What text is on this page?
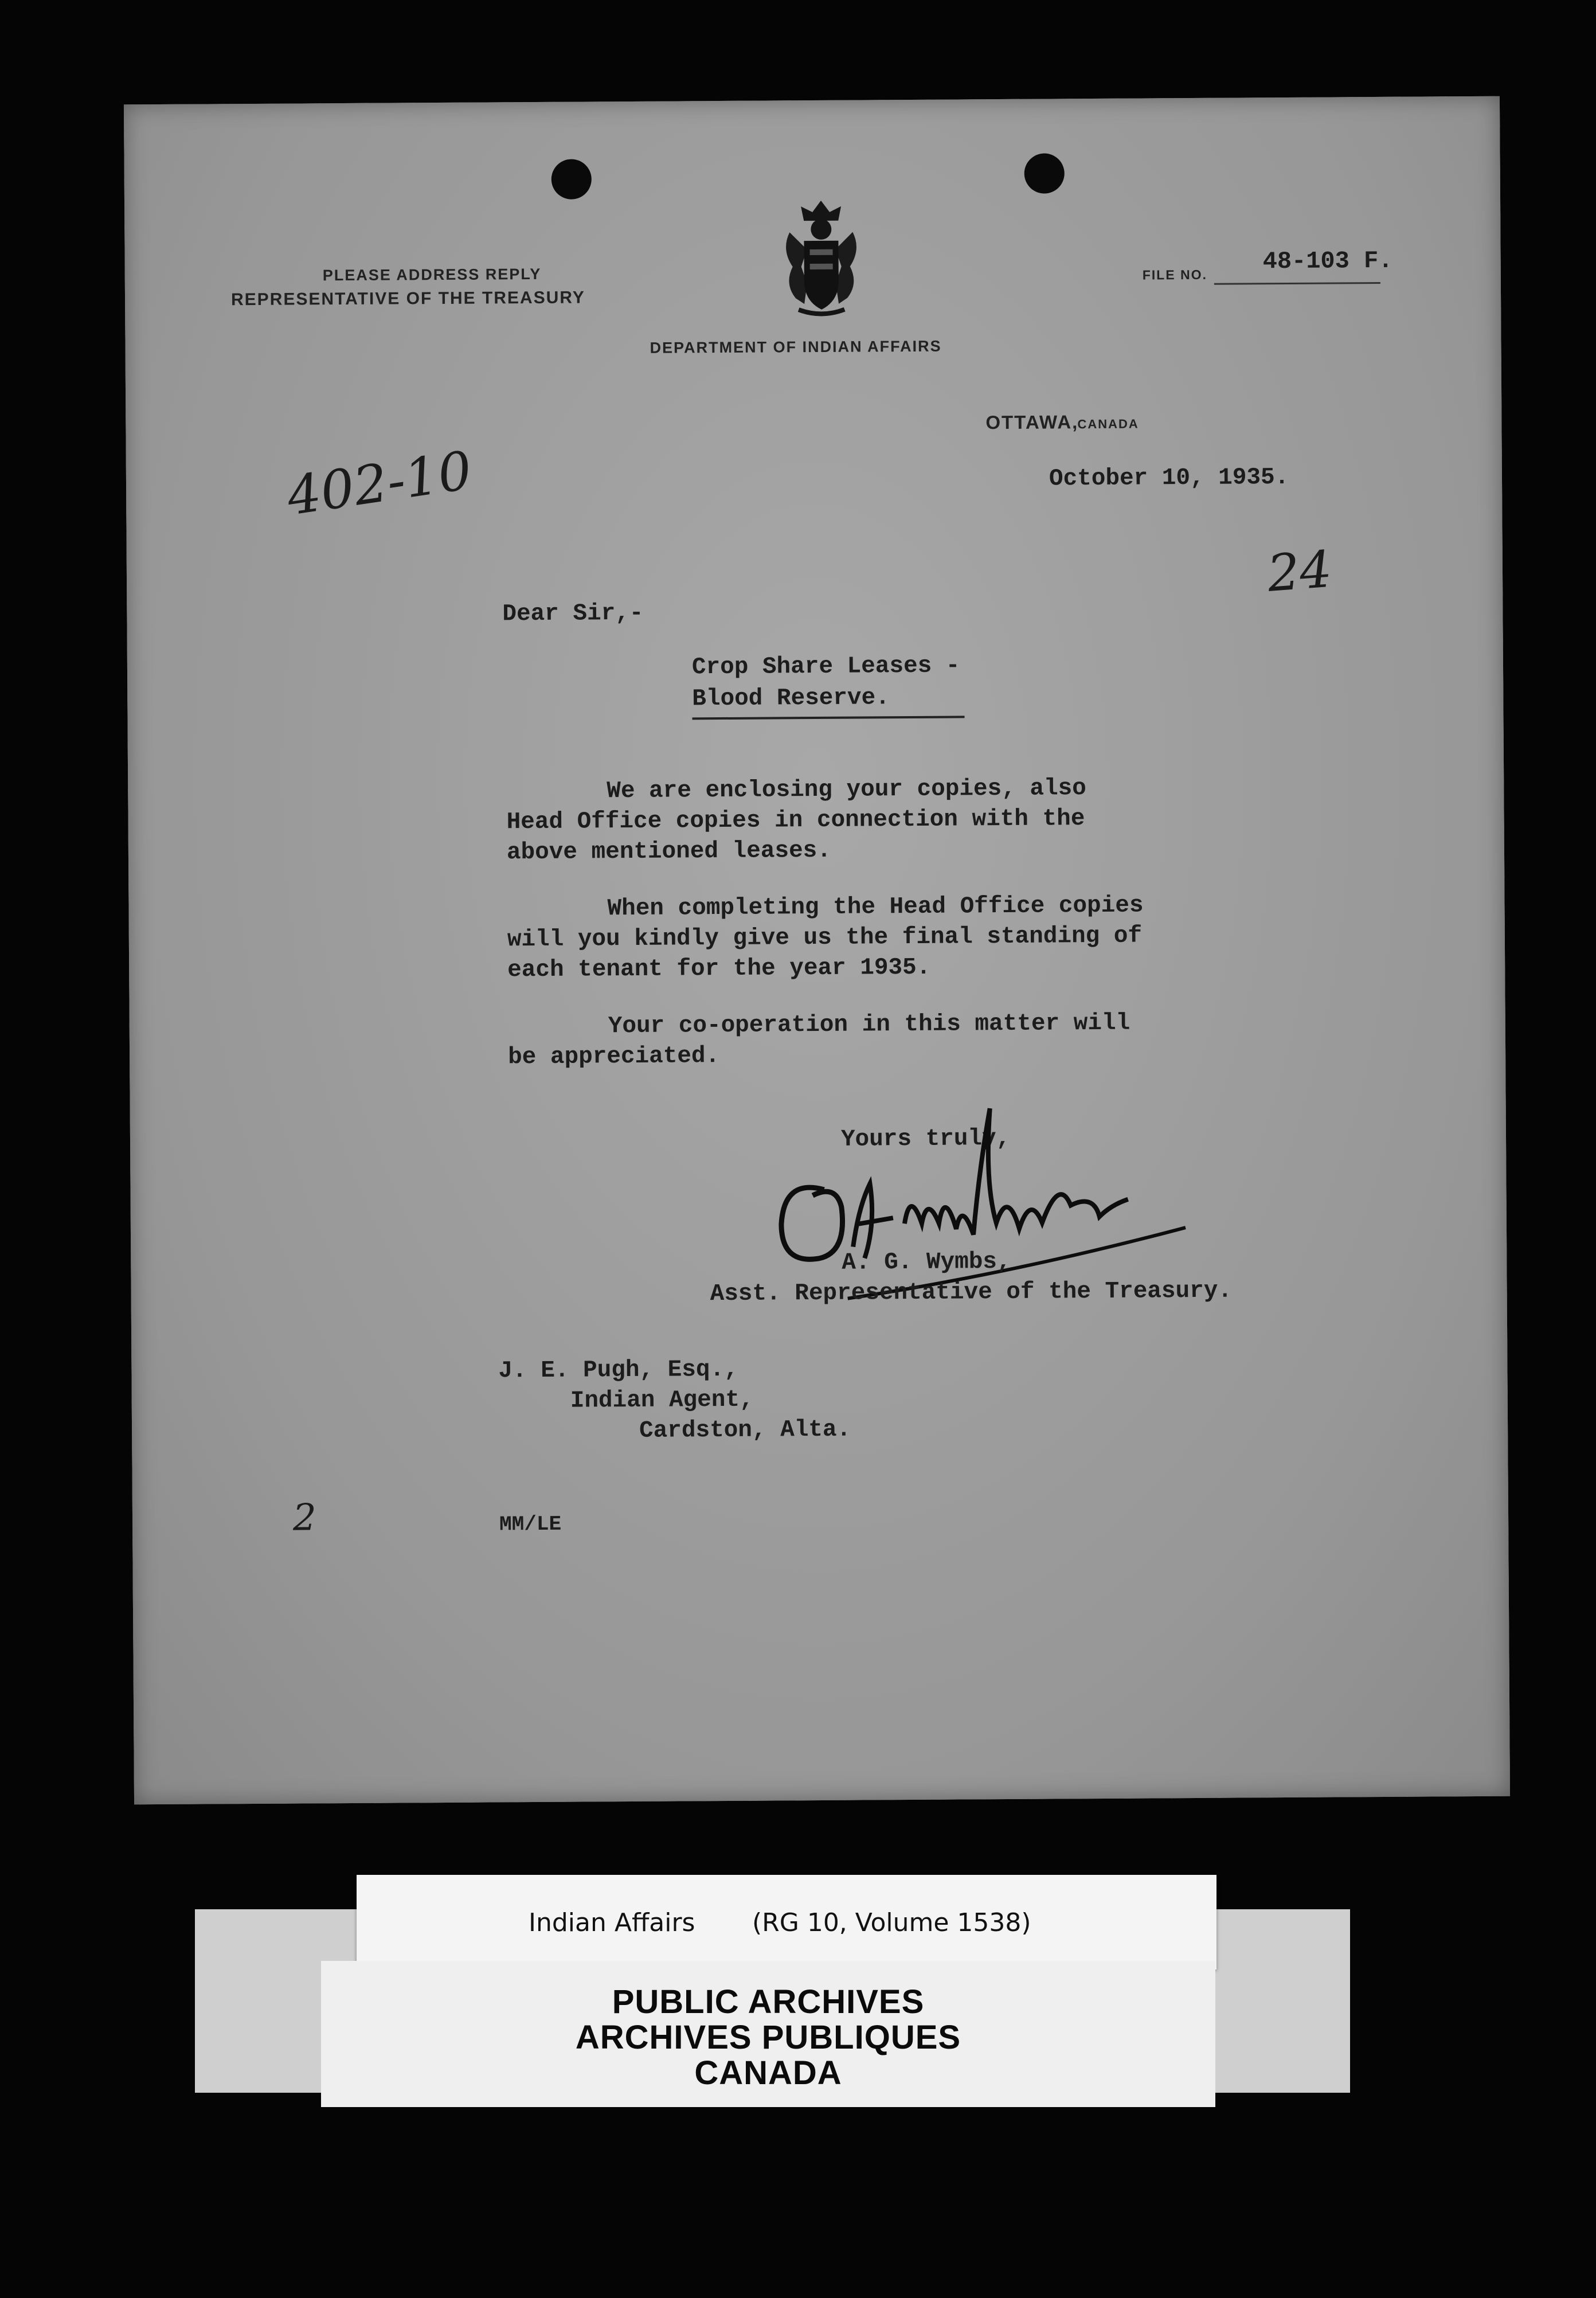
PLEASE ADDRESS REPLY
REPRESENTATIVE OF THE TREASURY
DEPARTMENT OF INDIAN AFFAIRS
FILE NO. 48-103 F.
OTTAWA,
CANADA
402-10
24
2
October 10, 1935.
Dear Sir,-
Crop Share Leases -
Blood Reserve.
We are enclosing your copies, also
Head Office copies in connection with the
above mentioned leases.
When completing the Head Office copies
will you kindly give us the final standing of
each tenant for the year 1935.
Your co-operation in this matter will
be appreciated.
Yours truly,
A. G. Wymbs,
Asst. Representative of the Treasury.
J. E. Pugh, Esq.,
Indian Agent,
Cardston, Alta.
MM/LE
Indian Affairs (RG 10, Volume 1538)
PUBLIC ARCHIVES
ARCHIVES PUBLIQUES
CANADA
